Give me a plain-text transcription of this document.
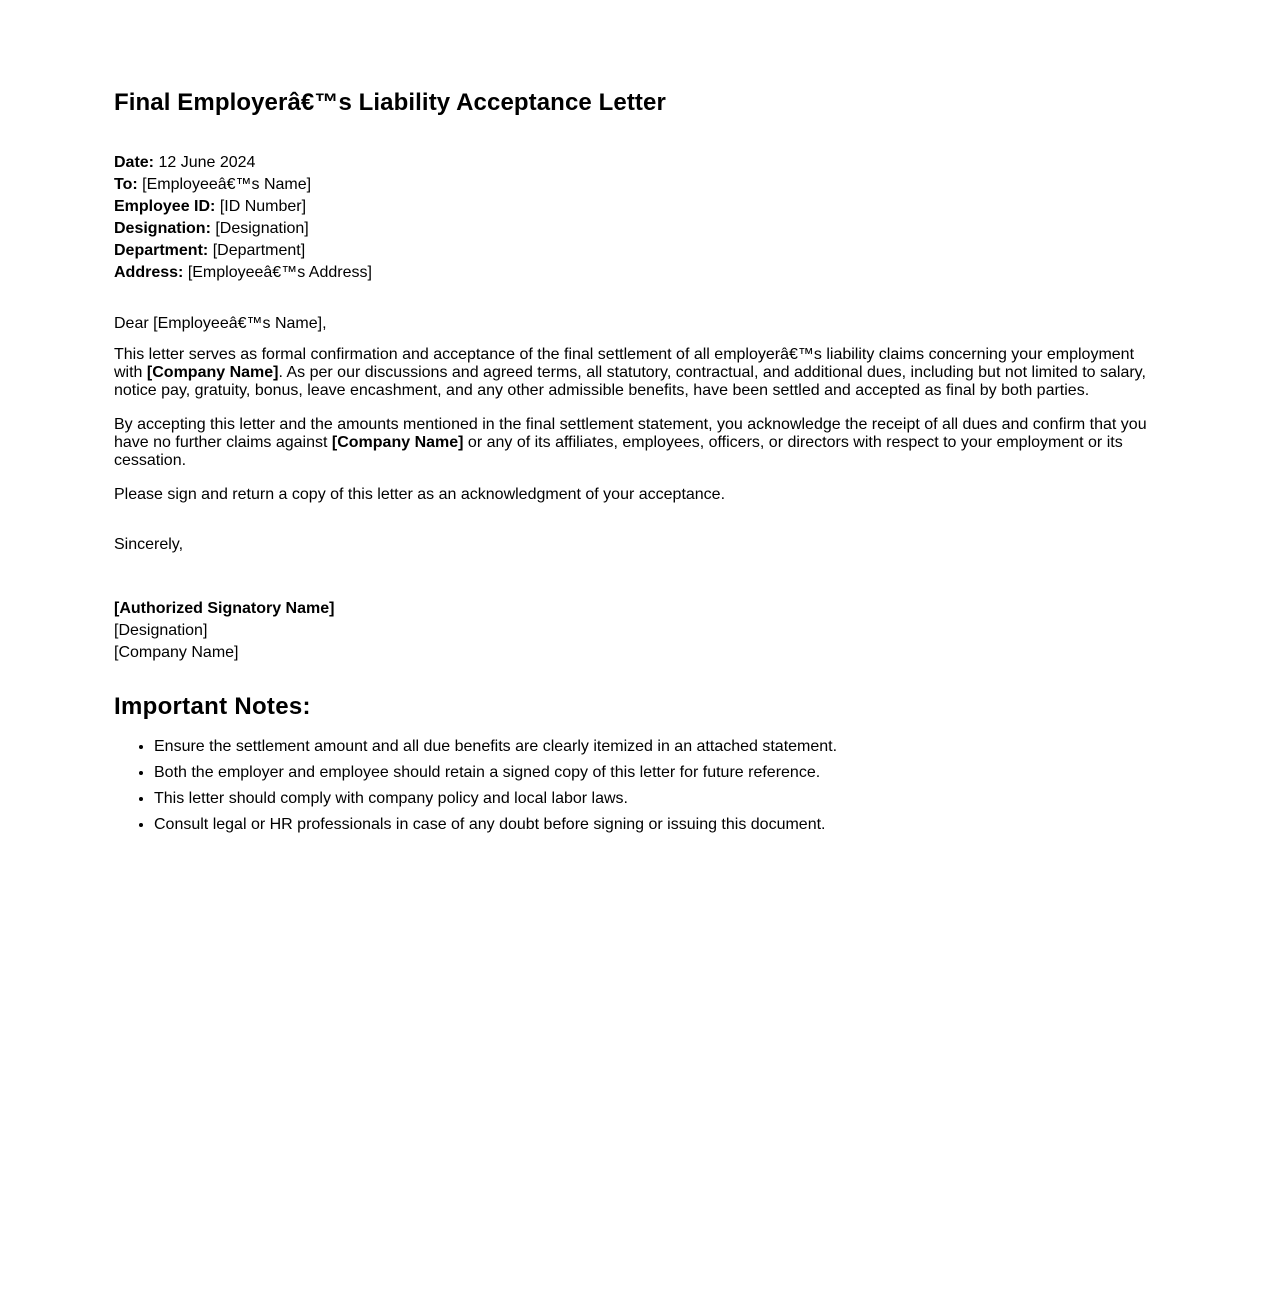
Final Employerâ€™s Liability Acceptance Letter
Date: 12 June 2024
To: [Employeeâ€™s Name]
Employee ID: [ID Number]
Designation: [Designation]
Department: [Department]
Address: [Employeeâ€™s Address]
Dear [Employeeâ€™s Name],

This letter serves as formal confirmation and acceptance of the final settlement of all employerâ€™s liability claims concerning your employment with [Company Name]. As per our discussions and agreed terms, all statutory, contractual, and additional dues, including but not limited to salary, notice pay, gratuity, bonus, leave encashment, and any other admissible benefits, have been settled and accepted as final by both parties.

By accepting this letter and the amounts mentioned in the final settlement statement, you acknowledge the receipt of all dues and confirm that you have no further claims against [Company Name] or any of its affiliates, employees, officers, or directors with respect to your employment or its cessation.

Please sign and return a copy of this letter as an acknowledgment of your acceptance.

Sincerely,
[Authorized Signatory Name]
[Designation]
[Company Name]
Important Notes:
• Ensure the settlement amount and all due benefits are clearly itemized in an attached statement.
• Both the employer and employee should retain a signed copy of this letter for future reference.
• This letter should comply with company policy and local labor laws.
• Consult legal or HR professionals in case of any doubt before signing or issuing this document.
